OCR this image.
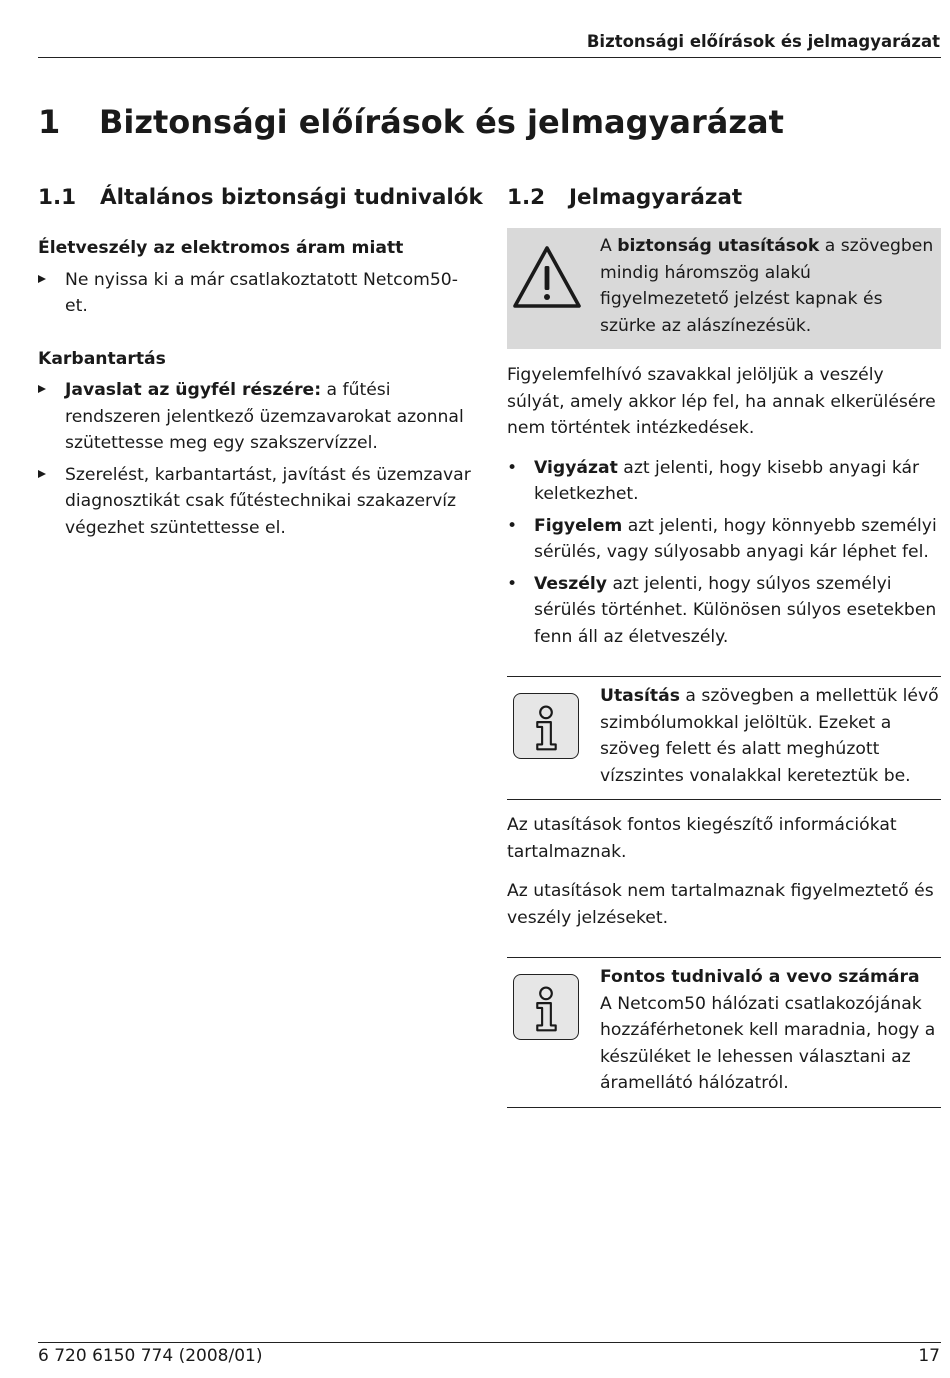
Biztonsági előírások és jelmagyarázat
1 Biztonsági előírások és jelmagyarázat
1.1 Általános biztonsági tudnivalók 1.2 Jelmagyarázat

Életveszély az elektromos áram miatt

Ne nyissa ki a már csatlakoztatott Netcom50-et.

Karbantartás

Javaslat az ügyfél részére: a fűtési rendszeren jelentkező üzemzavarokat azonnal szütettesse meg egy szakszervízzel.
Szerelést, karbantartást, javítást és üzemzavar diagnosztikát csak fűtéstechnikai szakazervíz végezhet szüntettesse el.
A biztonság utasítások a szövegben mindig háromszög alakú figyelmezetető jelzést kapnak és szürke az alászínezésük.

Figyelemfelhívó szavakkal jelöljük a veszély súlyát, amely akkor lép fel, ha annak elkerülésére nem történtek intézkedések.

• Vigyázat azt jelenti, hogy kisebb anyagi kár keletkezhet.
• Figyelem azt jelenti, hogy könnyebb személyi sérülés, vagy súlyosabb anyagi kár léphet fel.
• Veszély azt jelenti, hogy súlyos személyi sérülés történhet. Különösen súlyos esetekben fenn áll az életveszély.
Utasítás a szövegben a mellettük lévő szimbólumokkal jelöltük. Ezeket a szöveg felett és alatt meghúzott vízszintes vonalakkal kereteztük be.

Az utasítások fontos kiegészítő információkat tartalmaznak.

Az utasítások nem tartalmaznak figyelmeztető és veszély jelzéseket.

Fontos tudnivaló a vevo számára
A Netcom50 hálózati csatlakozójának hozzáférhetonek kell maradnia, hogy a készüléket le lehessen választani az áramellátó hálózatról.
6 720 6150 774 (2008/01)	17
